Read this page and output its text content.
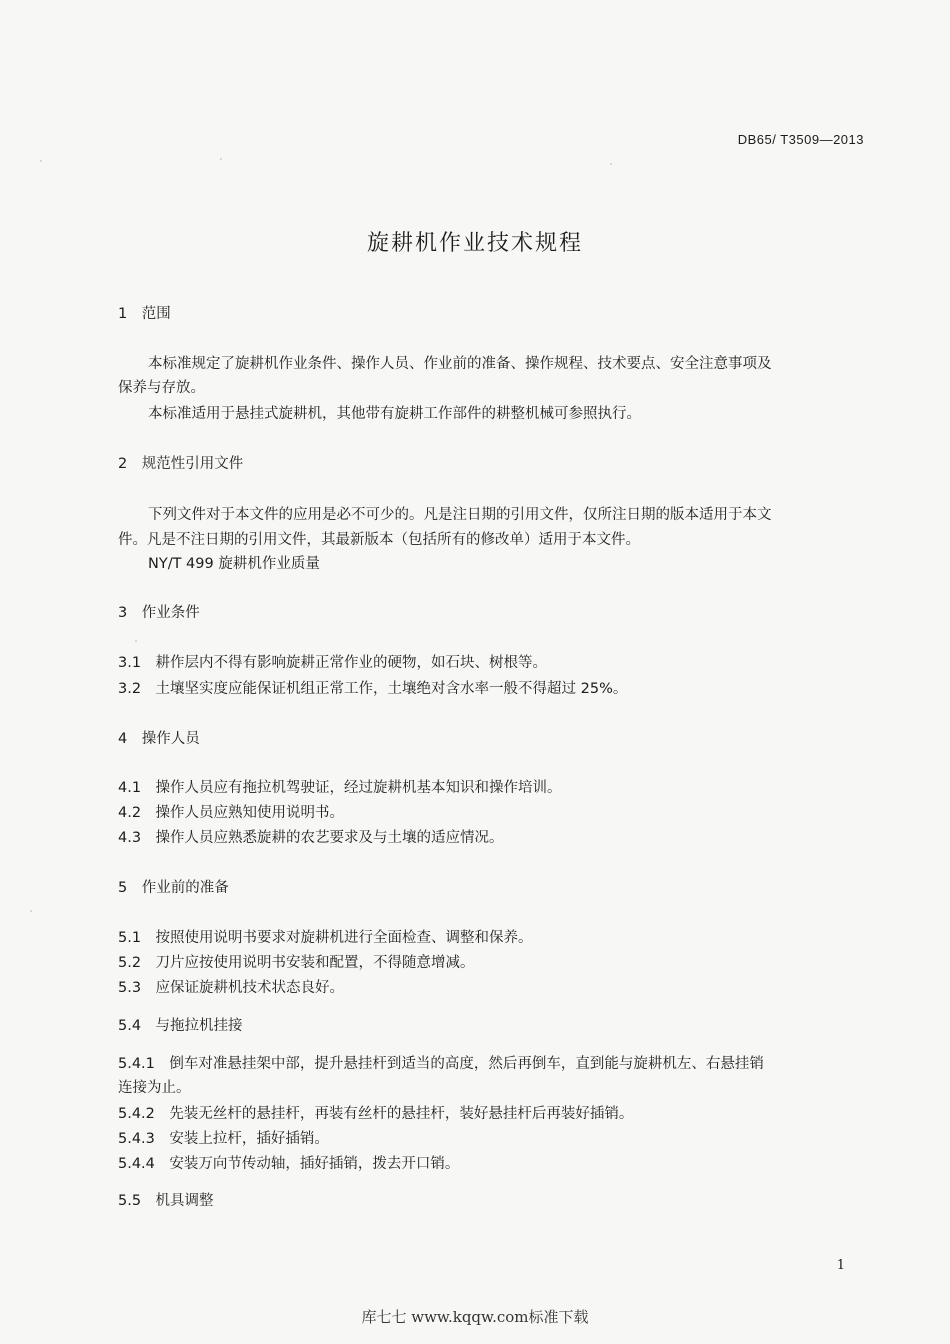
DB65/ T3509—2013
旋耕机作业技术规程
1　范围
本标准规定了旋耕机作业条件、操作人员、作业前的准备、操作规程、技术要点、安全注意事项及
保养与存放。
本标准适用于悬挂式旋耕机，其他带有旋耕工作部件的耕整机械可参照执行。
2　规范性引用文件
下列文件对于本文件的应用是必不可少的。凡是注日期的引用文件，仅所注日期的版本适用于本文
件。凡是不注日期的引用文件，其最新版本（包括所有的修改单）适用于本文件。
NY/T 499 旋耕机作业质量
3　作业条件
3.1　耕作层内不得有影响旋耕正常作业的硬物，如石块、树根等。
3.2　土壤坚实度应能保证机组正常工作，土壤绝对含水率一般不得超过 25%。
4　操作人员
4.1　操作人员应有拖拉机驾驶证，经过旋耕机基本知识和操作培训。
4.2　操作人员应熟知使用说明书。
4.3　操作人员应熟悉旋耕的农艺要求及与土壤的适应情况。
5　作业前的准备
5.1　按照使用说明书要求对旋耕机进行全面检查、调整和保养。
5.2　刀片应按使用说明书安装和配置，不得随意增减。
5.3　应保证旋耕机技术状态良好。
5.4　与拖拉机挂接
5.4.1　倒车对准悬挂架中部，提升悬挂杆到适当的高度，然后再倒车，直到能与旋耕机左、右悬挂销
连接为止。
5.4.2　先装无丝杆的悬挂杆，再装有丝杆的悬挂杆，装好悬挂杆后再装好插销。
5.4.3　安装上拉杆，插好插销。
5.4.4　安装万向节传动轴，插好插销，拨去开口销。
5.5　机具调整
1
库七七 www.kqqw.com标准下载
